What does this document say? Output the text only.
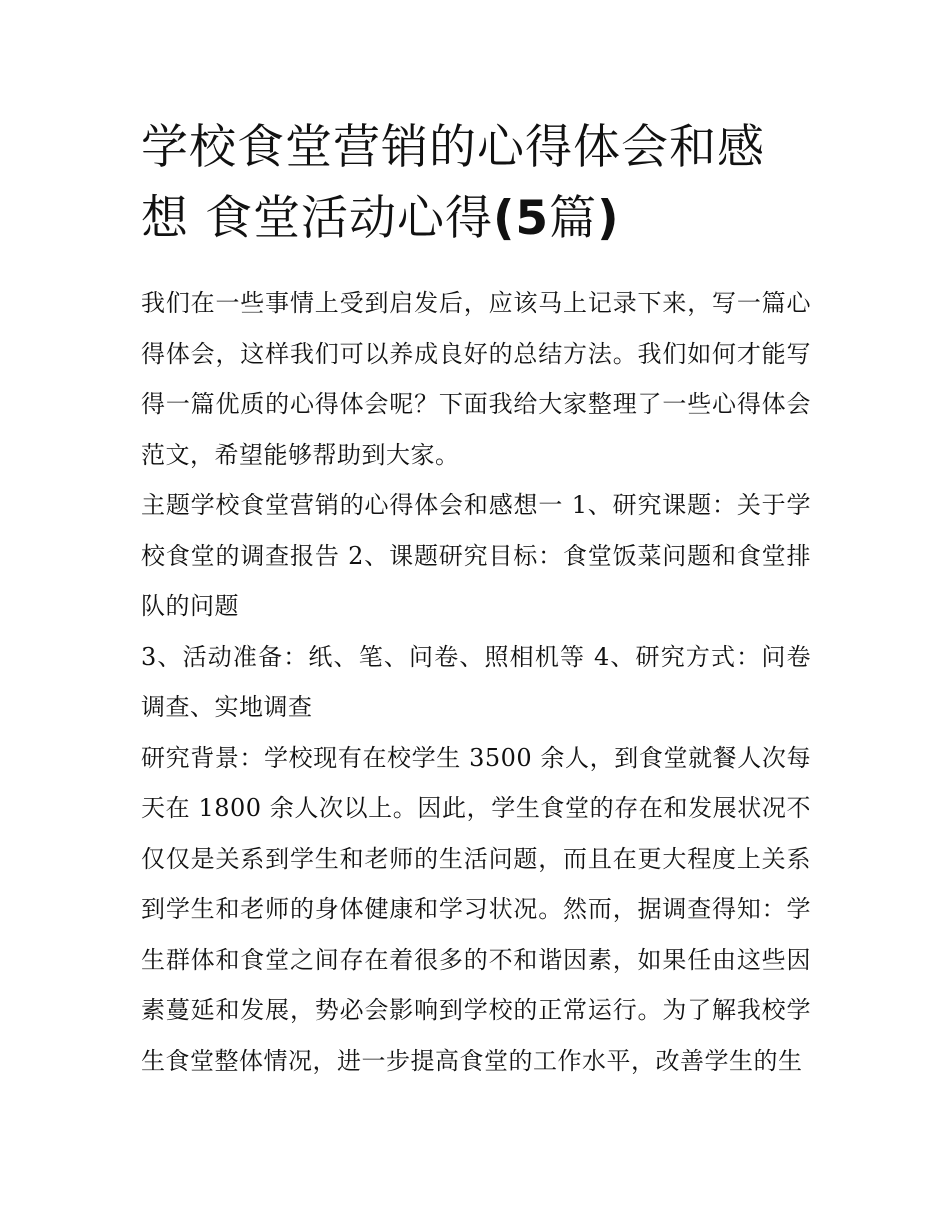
学校食堂营销的心得体会和感想 食堂活动心得(5篇)

我们在一些事情上受到启发后，应该马上记录下来，写一篇心得体会，这样我们可以养成良好的总结方法。我们如何才能写得一篇优质的心得体会呢？下面我给大家整理了一些心得体会范文，希望能够帮助到大家。

主题学校食堂营销的心得体会和感想一 1、研究课题：关于学校食堂的调查报告 2、课题研究目标：食堂饭菜问题和食堂排队的问题

3、活动准备：纸、笔、问卷、照相机等 4、研究方式：问卷调查、实地调查

研究背景：学校现有在校学生 3500 余人，到食堂就餐人次每天在 1800 余人次以上。因此，学生食堂的存在和发展状况不仅仅是关系到学生和老师的生活问题，而且在更大程度上关系到学生和老师的身体健康和学习状况。然而，据调查得知：学生群体和食堂之间存在着很多的不和谐因素，如果任由这些因素蔓延和发展，势必会影响到学校的正常运行。为了解我校学生食堂整体情况，进一步提高食堂的工作水平，改善学生的生
